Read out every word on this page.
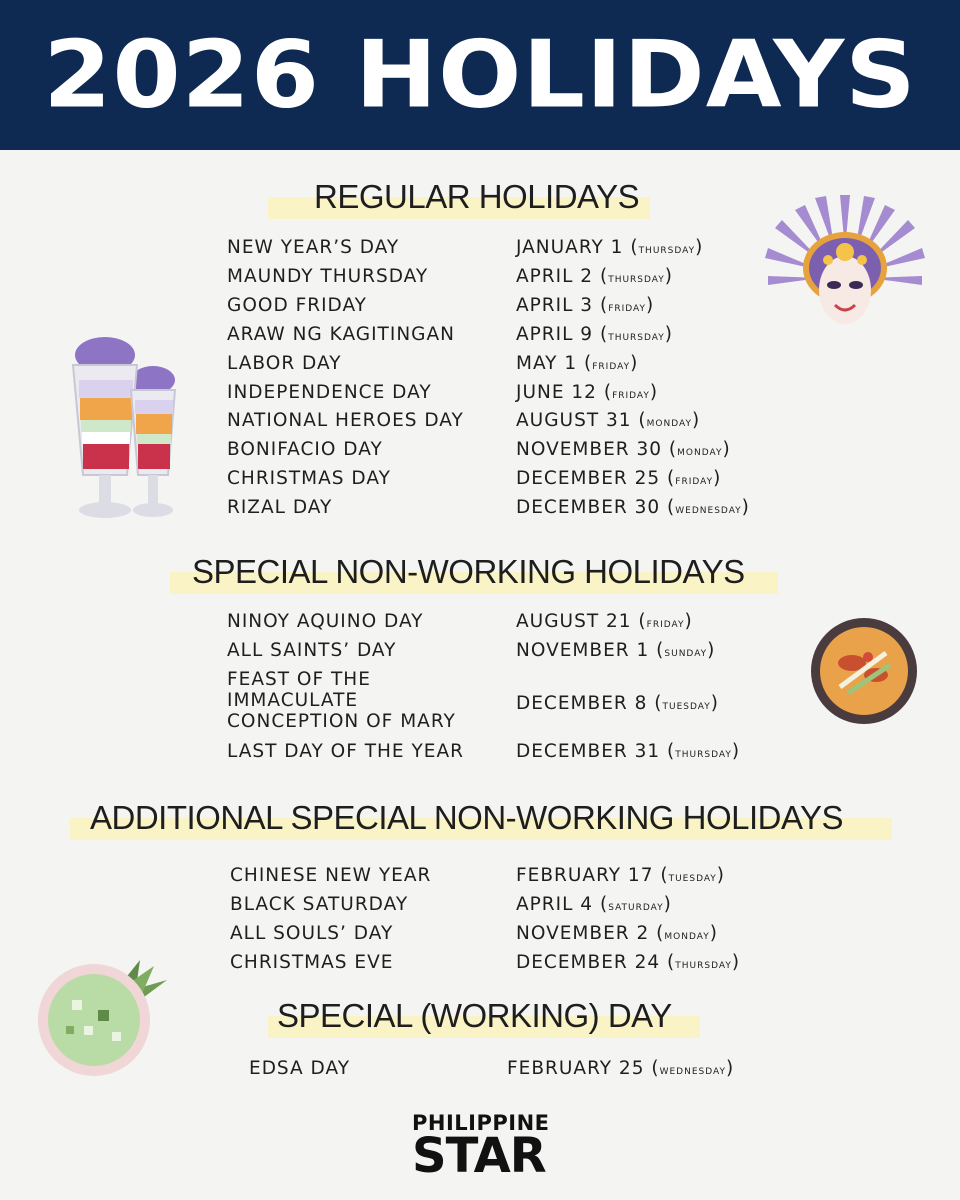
2026 HOLIDAYS
REGULAR HOLIDAYS
NEW YEAR’S DAY	JANUARY 1 (thursday)
MAUNDY THURSDAY	APRIL 2 (thursday)
GOOD FRIDAY	APRIL 3 (friday)
ARAW NG KAGITINGAN	APRIL 9 (thursday)
LABOR DAY	MAY 1 (friday)
INDEPENDENCE DAY	JUNE 12 (friday)
NATIONAL HEROES DAY	AUGUST 31 (monday)
BONIFACIO DAY	NOVEMBER 30 (monday)
CHRISTMAS DAY	DECEMBER 25 (friday)
RIZAL DAY	DECEMBER 30 (wednesday)
SPECIAL NON-WORKING HOLIDAYS
NINOY AQUINO DAY	AUGUST 21 (friday)
ALL SAINTS’ DAY	NOVEMBER 1 (sunday)
FEAST OF THE
IMMACULATE
CONCEPTION OF MARY
DECEMBER 8 (tuesday)
LAST DAY OF THE YEAR	DECEMBER 31 (thursday)
ADDITIONAL SPECIAL NON-WORKING HOLIDAYS
CHINESE NEW YEAR	FEBRUARY 17 (tuesday)
BLACK SATURDAY	APRIL 4 (saturday)
ALL SOULS’ DAY	NOVEMBER 2 (monday)
CHRISTMAS EVE	DECEMBER 24 (thursday)
SPECIAL (WORKING) DAY
EDSA DAY	FEBRUARY 25 (wednesday)
PHILIPPINE
STAR
